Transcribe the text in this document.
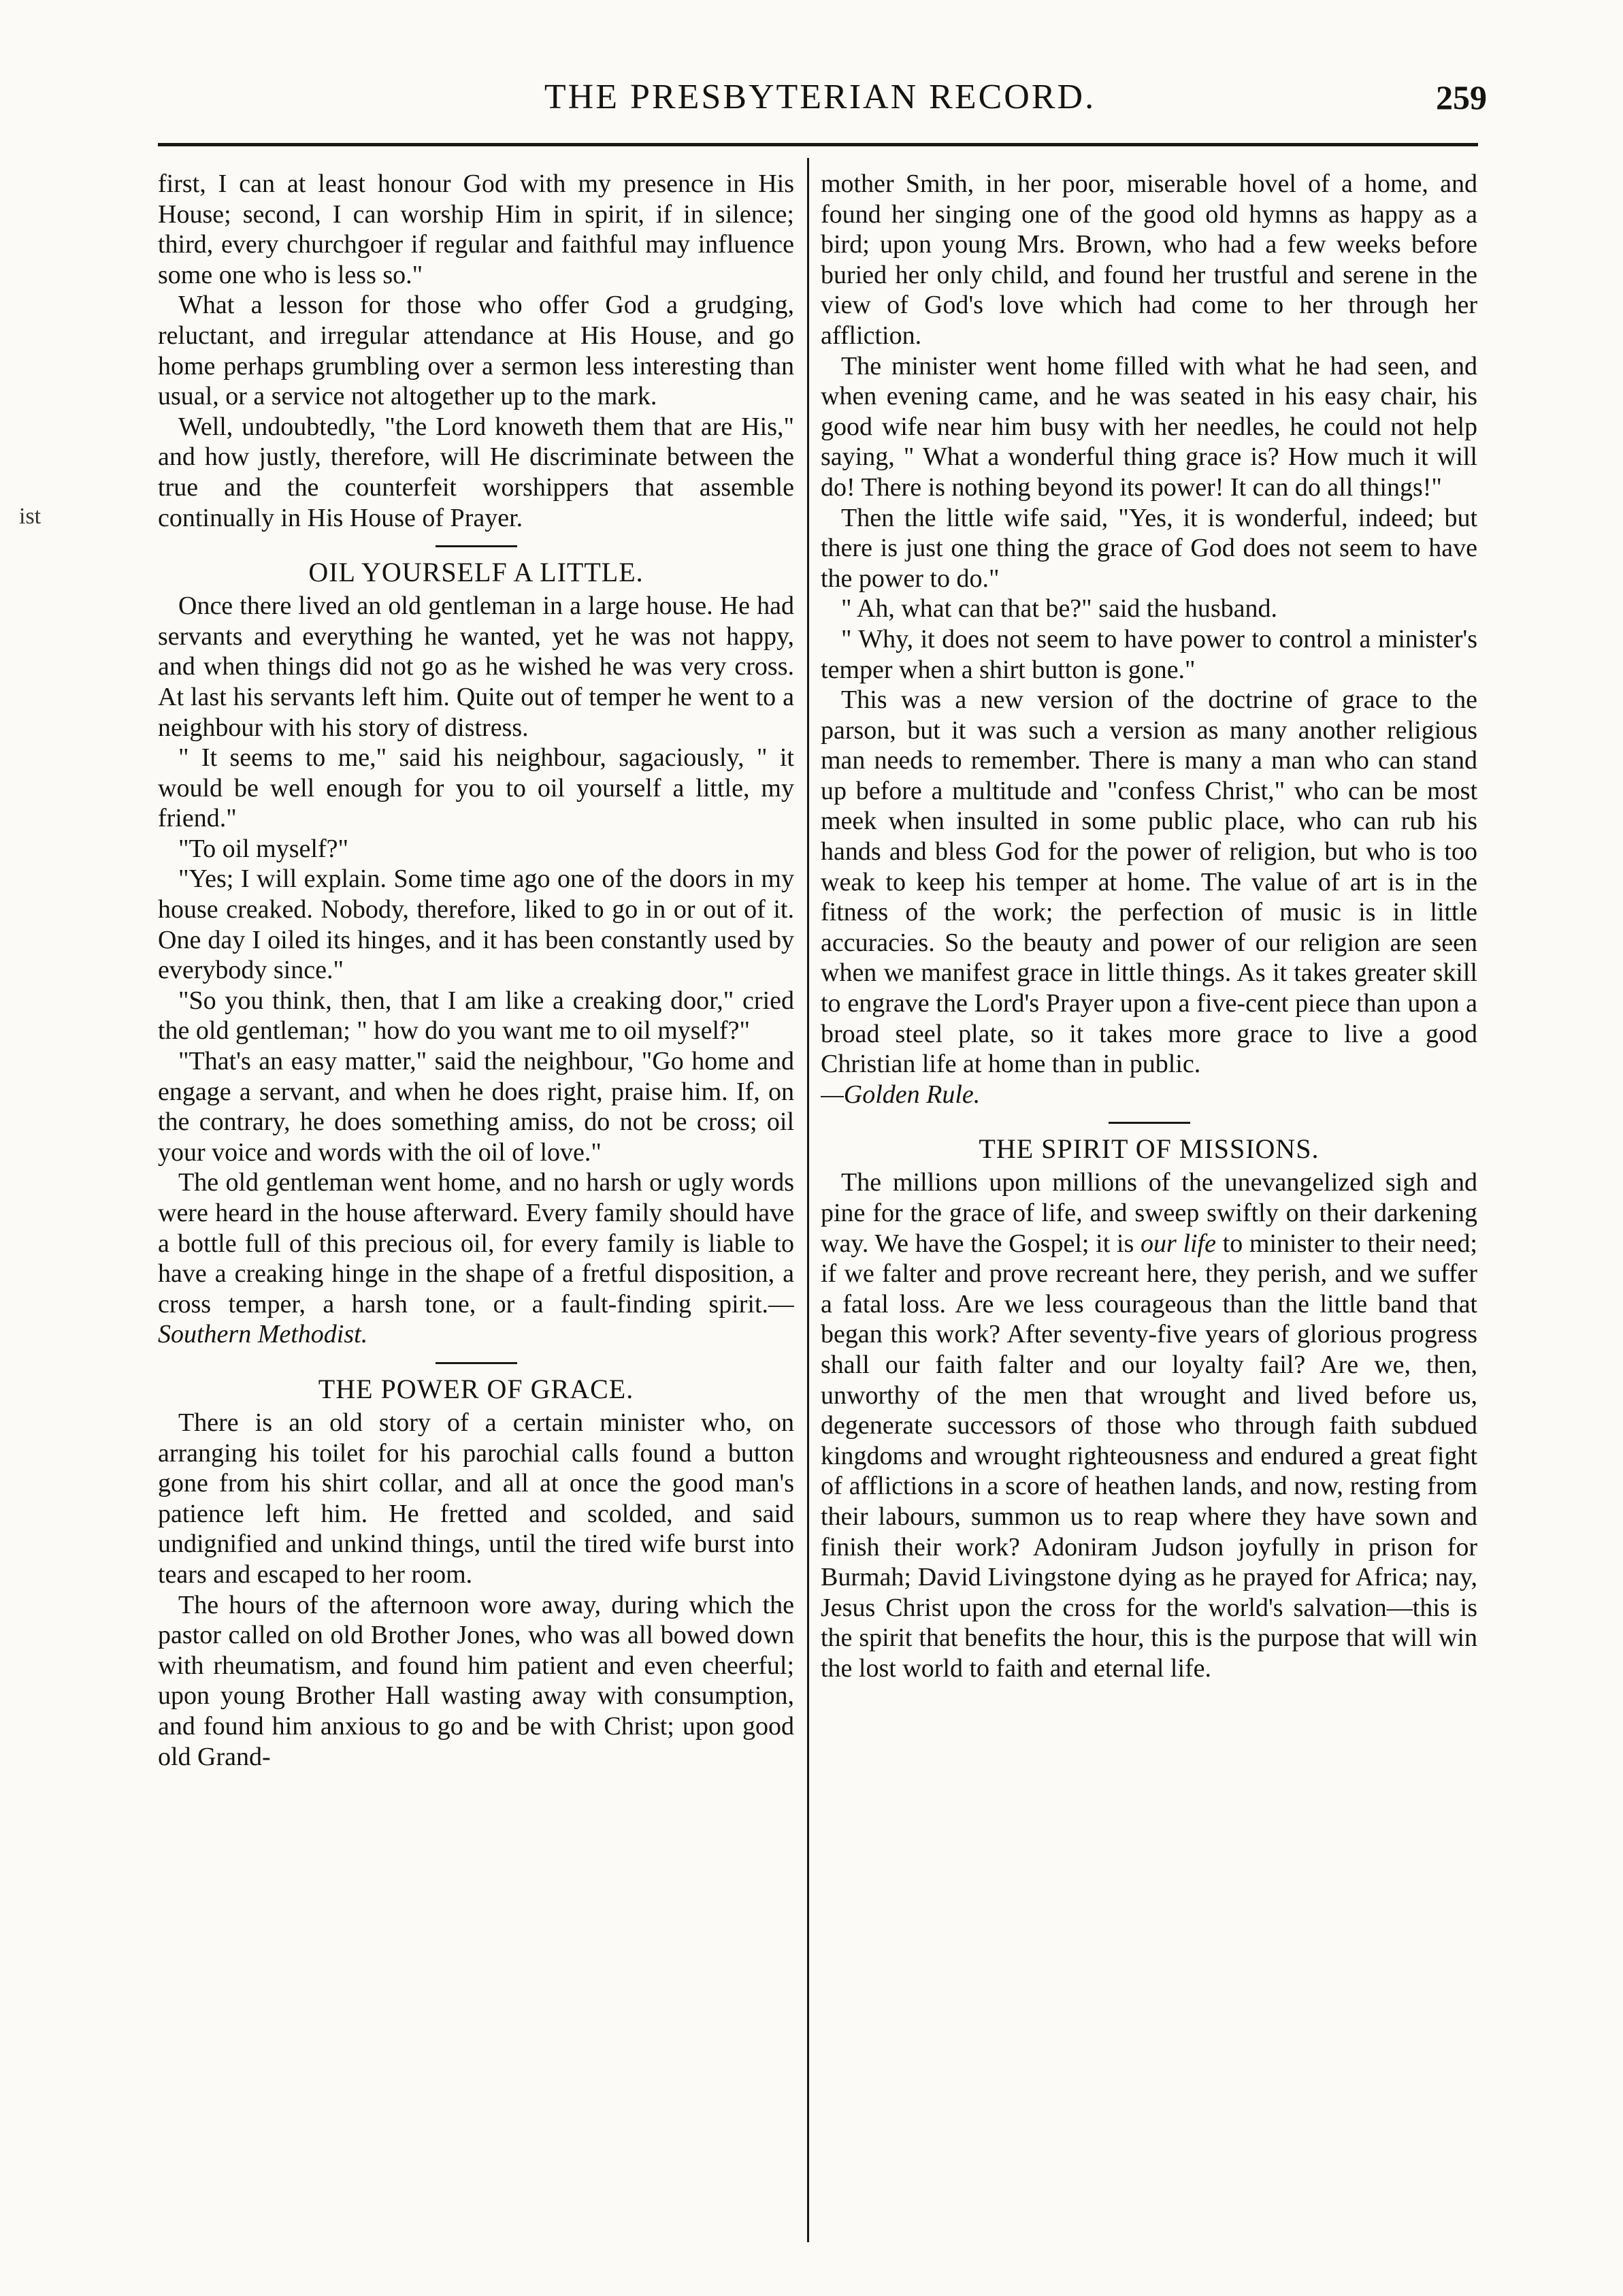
THE PRESBYTERIAN RECORD.	259
ist

first, I can at least honour God with my presence in His House; second, I can worship Him in spirit, if in silence; third, every churchgoer if regular and faithful may influence some one who is less so."

What a lesson for those who offer God a grudging, reluctant, and irregular attendance at His House, and go home perhaps grumbling over a sermon less interesting than usual, or a service not altogether up to the mark.

Well, undoubtedly, "the Lord knoweth them that are His," and how justly, therefore, will He discriminate between the true and the counterfeit worshippers that assemble continually in His House of Prayer.

OIL YOURSELF A LITTLE.

Once there lived an old gentleman in a large house. He had servants and everything he wanted, yet he was not happy, and when things did not go as he wished he was very cross. At last his servants left him. Quite out of temper he went to a neighbour with his story of distress.

" It seems to me," said his neighbour, sagaciously, " it would be well enough for you to oil yourself a little, my friend."

"To oil myself?"

"Yes; I will explain. Some time ago one of the doors in my house creaked. Nobody, therefore, liked to go in or out of it. One day I oiled its hinges, and it has been constantly used by everybody since."

"So you think, then, that I am like a creaking door," cried the old gentleman; " how do you want me to oil myself?"

"That's an easy matter," said the neighbour, "Go home and engage a servant, and when he does right, praise him. If, on the contrary, he does something amiss, do not be cross; oil your voice and words with the oil of love."

The old gentleman went home, and no harsh or ugly words were heard in the house afterward. Every family should have a bottle full of this precious oil, for every family is liable to have a creaking hinge in the shape of a fretful disposition, a cross temper, a harsh tone, or a fault-finding spirit.—Southern Methodist.

THE POWER OF GRACE.

There is an old story of a certain minister who, on arranging his toilet for his parochial calls found a button gone from his shirt collar, and all at once the good man's patience left him. He fretted and scolded, and said undignified and unkind things, until the tired wife burst into tears and escaped to her room.

The hours of the afternoon wore away, during which the pastor called on old Brother Jones, who was all bowed down with rheumatism, and found him patient and even cheerful; upon young Brother Hall wasting away with consumption, and found him anxious to go and be with Christ; upon good old Grand-

mother Smith, in her poor, miserable hovel of a home, and found her singing one of the good old hymns as happy as a bird; upon young Mrs. Brown, who had a few weeks before buried her only child, and found her trustful and serene in the view of God's love which had come to her through her affliction.

The minister went home filled with what he had seen, and when evening came, and he was seated in his easy chair, his good wife near him busy with her needles, he could not help saying, " What a wonderful thing grace is? How much it will do! There is nothing beyond its power! It can do all things!"

Then the little wife said, "Yes, it is wonderful, indeed; but there is just one thing the grace of God does not seem to have the power to do."

" Ah, what can that be?" said the husband.

" Why, it does not seem to have power to control a minister's temper when a shirt button is gone."

This was a new version of the doctrine of grace to the parson, but it was such a version as many another religious man needs to remember. There is many a man who can stand up before a multitude and "confess Christ," who can be most meek when insulted in some public place, who can rub his hands and bless God for the power of religion, but who is too weak to keep his temper at home. The value of art is in the fitness of the work; the perfection of music is in little accuracies. So the beauty and power of our religion are seen when we manifest grace in little things. As it takes greater skill to engrave the Lord's Prayer upon a five-cent piece than upon a broad steel plate, so it takes more grace to live a good Christian life at home than in public.

—Golden Rule.

THE SPIRIT OF MISSIONS.

The millions upon millions of the unevangelized sigh and pine for the grace of life, and sweep swiftly on their darkening way. We have the Gospel; it is our life to minister to their need; if we falter and prove recreant here, they perish, and we suffer a fatal loss. Are we less courageous than the little band that began this work? After seventy-five years of glorious progress shall our faith falter and our loyalty fail? Are we, then, unworthy of the men that wrought and lived before us, degenerate successors of those who through faith subdued kingdoms and wrought righteousness and endured a great fight of afflictions in a score of heathen lands, and now, resting from their labours, summon us to reap where they have sown and finish their work? Adoniram Judson joyfully in prison for Burmah; David Livingstone dying as he prayed for Africa; nay, Jesus Christ upon the cross for the world's salvation—this is the spirit that benefits the hour, this is the purpose that will win the lost world to faith and eternal life.
